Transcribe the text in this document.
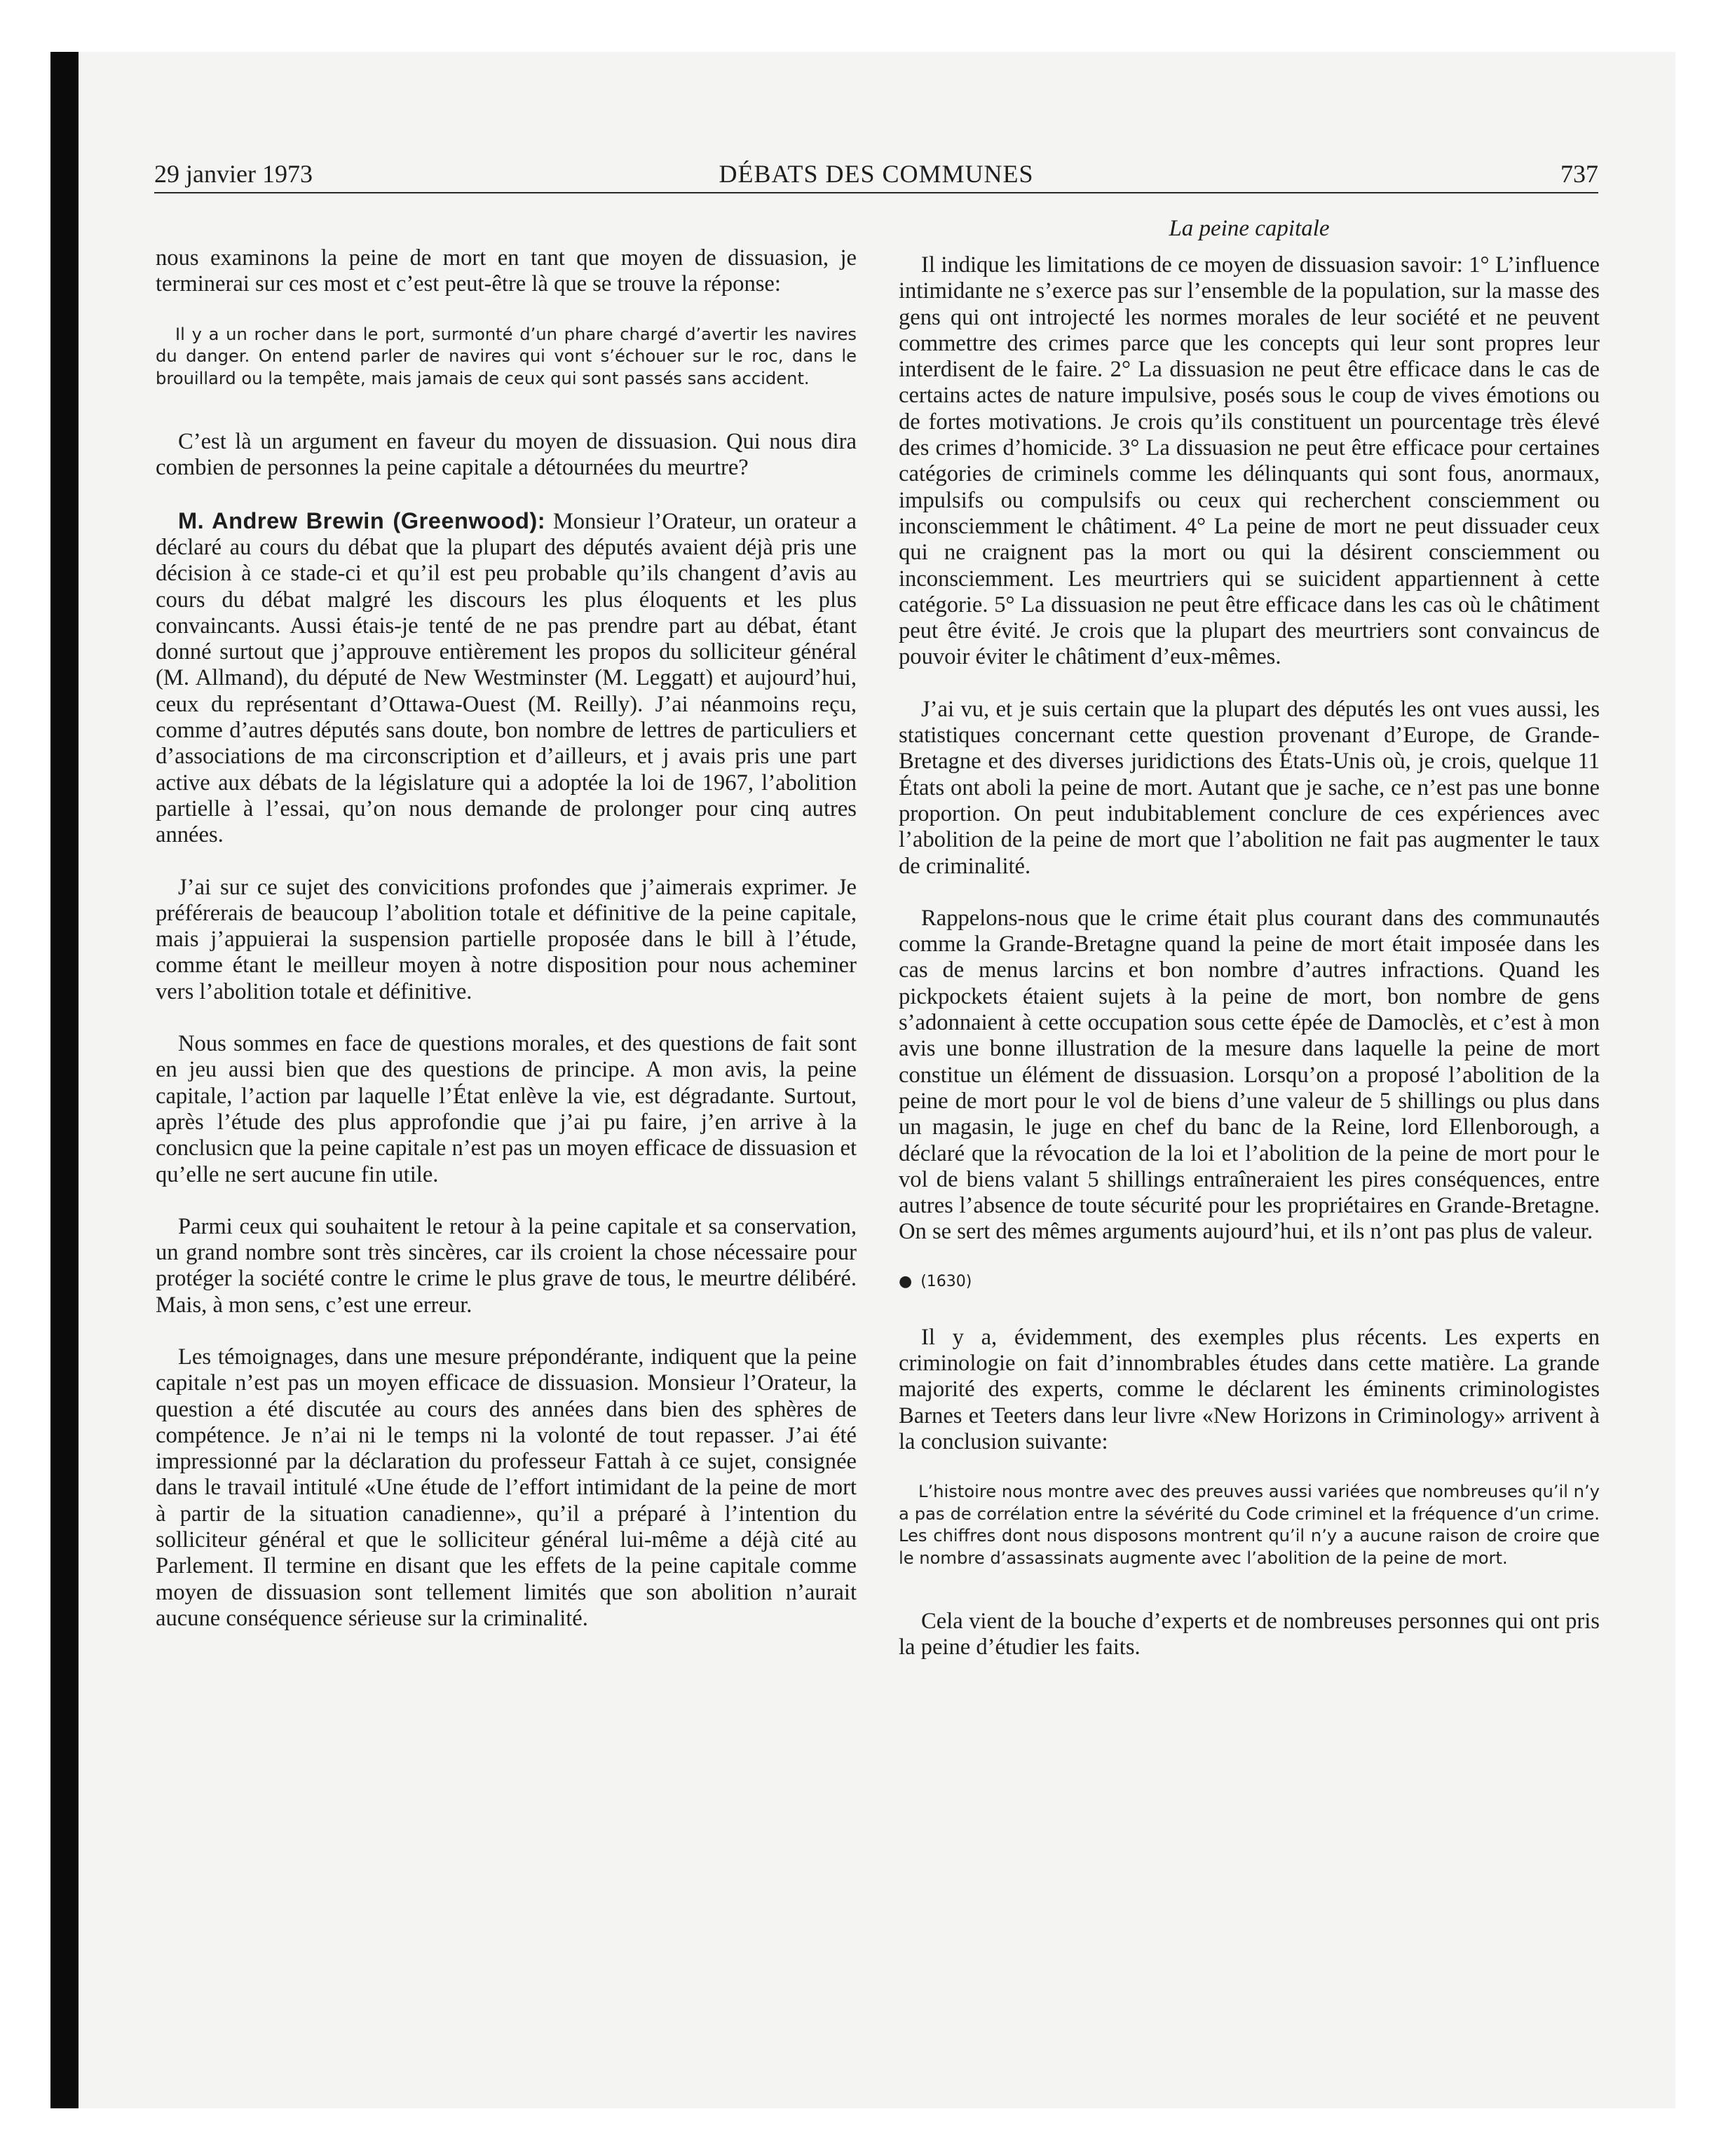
29 janvier 1973	DÉBATS DES COMMUNES	737

nous examinons la peine de mort en tant que moyen de dissuasion, je terminerai sur ces most et c’est peut-être là que se trouve la réponse:

Il y a un rocher dans le port, surmonté d’un phare chargé d’avertir les navires du danger. On entend parler de navires qui vont s’échouer sur le roc, dans le brouillard ou la tempête, mais jamais de ceux qui sont passés sans accident.

C’est là un argument en faveur du moyen de dissuasion. Qui nous dira combien de personnes la peine capitale a détournées du meurtre?

M. Andrew Brewin (Greenwood): Monsieur l’Orateur, un orateur a déclaré au cours du débat que la plupart des députés avaient déjà pris une décision à ce stade-ci et qu’il est peu probable qu’ils changent d’avis au cours du débat malgré les discours les plus éloquents et les plus convaincants. Aussi étais-je tenté de ne pas prendre part au débat, étant donné surtout que j’approuve entièrement les propos du solliciteur général (M. Allmand), du député de New Westminster (M. Leggatt) et aujourd’hui, ceux du représentant d’Ottawa-Ouest (M. Reilly). J’ai néanmoins reçu, comme d’autres députés sans doute, bon nombre de lettres de particuliers et d’associations de ma circonscription et d’ailleurs, et j avais pris une part active aux débats de la législature qui a adoptée la loi de 1967, l’abolition partielle à l’essai, qu’on nous demande de prolonger pour cinq autres années.

J’ai sur ce sujet des convicitions profondes que j’aimerais exprimer. Je préférerais de beaucoup l’abolition totale et définitive de la peine capitale, mais j’appuierai la suspension partielle proposée dans le bill à l’étude, comme étant le meilleur moyen à notre disposition pour nous acheminer vers l’abolition totale et définitive.

Nous sommes en face de questions morales, et des questions de fait sont en jeu aussi bien que des questions de principe. A mon avis, la peine capitale, l’action par laquelle l’État enlève la vie, est dégradante. Surtout, après l’étude des plus approfondie que j’ai pu faire, j’en arrive à la conclusicn que la peine capitale n’est pas un moyen efficace de dissuasion et qu’elle ne sert aucune fin utile.

Parmi ceux qui souhaitent le retour à la peine capitale et sa conservation, un grand nombre sont très sincères, car ils croient la chose nécessaire pour protéger la société contre le crime le plus grave de tous, le meurtre délibéré. Mais, à mon sens, c’est une erreur.

Les témoignages, dans une mesure prépondérante, indiquent que la peine capitale n’est pas un moyen efficace de dissuasion. Monsieur l’Orateur, la question a été discutée au cours des années dans bien des sphères de compétence. Je n’ai ni le temps ni la volonté de tout repasser. J’ai été impressionné par la déclaration du professeur Fattah à ce sujet, consignée dans le travail intitulé «Une étude de l’effort intimidant de la peine de mort à partir de la situation canadienne», qu’il a préparé à l’intention du solliciteur général et que le solliciteur général lui-même a déjà cité au Parlement. Il termine en disant que les effets de la peine capitale comme moyen de dissuasion sont tellement limités que son abolition n’aurait aucune conséquence sérieuse sur la criminalité.

La peine capitale

Il indique les limitations de ce moyen de dissuasion savoir: 1° L’influence intimidante ne s’exerce pas sur l’ensemble de la population, sur la masse des gens qui ont introjecté les normes morales de leur société et ne peuvent commettre des crimes parce que les concepts qui leur sont propres leur interdisent de le faire. 2° La dissuasion ne peut être efficace dans le cas de certains actes de nature impulsive, posés sous le coup de vives émotions ou de fortes motivations. Je crois qu’ils constituent un pourcentage très élevé des crimes d’homicide. 3° La dissuasion ne peut être efficace pour certaines catégories de criminels comme les délinquants qui sont fous, anormaux, impulsifs ou compulsifs ou ceux qui recherchent consciemment ou inconsciemment le châtiment. 4° La peine de mort ne peut dissuader ceux qui ne craignent pas la mort ou qui la désirent consciemment ou inconsciemment. Les meurtriers qui se suicident appartiennent à cette catégorie. 5° La dissuasion ne peut être efficace dans les cas où le châtiment peut être évité. Je crois que la plupart des meurtriers sont convaincus de pouvoir éviter le châtiment d’eux-mêmes.

J’ai vu, et je suis certain que la plupart des députés les ont vues aussi, les statistiques concernant cette question provenant d’Europe, de Grande-Bretagne et des diverses juridictions des États-Unis où, je crois, quelque 11 États ont aboli la peine de mort. Autant que je sache, ce n’est pas une bonne proportion. On peut indubitablement conclure de ces expériences avec l’abolition de la peine de mort que l’abolition ne fait pas augmenter le taux de criminalité.

Rappelons-nous que le crime était plus courant dans des communautés comme la Grande-Bretagne quand la peine de mort était imposée dans les cas de menus larcins et bon nombre d’autres infractions. Quand les pickpockets étaient sujets à la peine de mort, bon nombre de gens s’adonnaient à cette occupation sous cette épée de Damoclès, et c’est à mon avis une bonne illustration de la mesure dans laquelle la peine de mort constitue un élément de dissuasion. Lorsqu’on a proposé l’abolition de la peine de mort pour le vol de biens d’une valeur de 5 shillings ou plus dans un magasin, le juge en chef du banc de la Reine, lord Ellenborough, a déclaré que la révocation de la loi et l’abolition de la peine de mort pour le vol de biens valant 5 shillings entraîneraient les pires conséquences, entre autres l’absence de toute sécurité pour les propriétaires en Grande-Bretagne. On se sert des mêmes arguments aujourd’hui, et ils n’ont pas plus de valeur.

● (1630)

Il y a, évidemment, des exemples plus récents. Les experts en criminologie on fait d’innombrables études dans cette matière. La grande majorité des experts, comme le déclarent les éminents criminologistes Barnes et Teeters dans leur livre «New Horizons in Criminology» arrivent à la conclusion suivante:

L’histoire nous montre avec des preuves aussi variées que nombreuses qu’il n’y a pas de corrélation entre la sévérité du Code criminel et la fréquence d’un crime. Les chiffres dont nous disposons montrent qu’il n’y a aucune raison de croire que le nombre d’assassinats augmente avec l’abolition de la peine de mort.

Cela vient de la bouche d’experts et de nombreuses personnes qui ont pris la peine d’étudier les faits.
